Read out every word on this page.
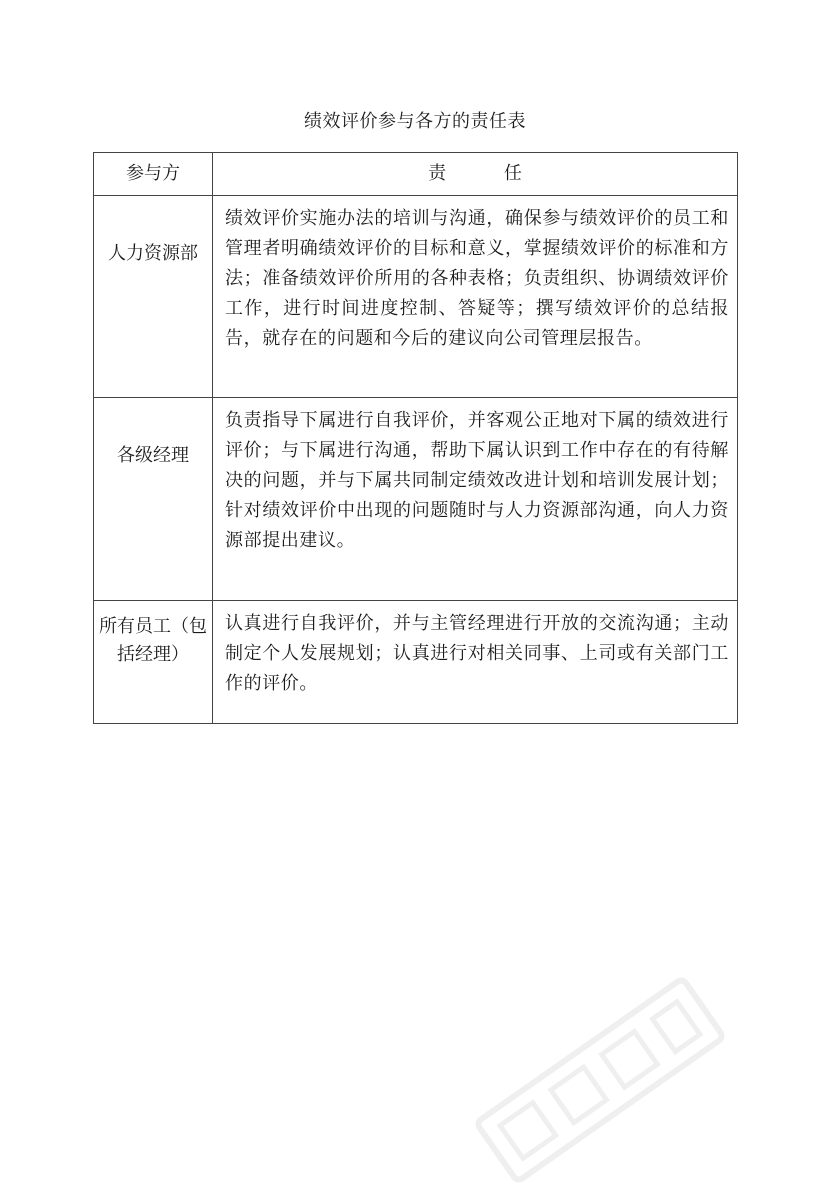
绩效评价参与各方的责任表
参与方	责 任
人力资源部	绩效评价实施办法的培训与沟通，确保参与绩效评价的员工和管理者明确绩效评价的目标和意义，掌握绩效评价的标准和方法；准备绩效评价所用的各种表格；负责组织、协调绩效评价工作，进行时间进度控制、答疑等；撰写绩效评价的总结报告，就存在的问题和今后的建议向公司管理层报告。
各级经理	负责指导下属进行自我评价，并客观公正地对下属的绩效进行评价；与下属进行沟通，帮助下属认识到工作中存在的有待解决的问题，并与下属共同制定绩效改进计划和培训发展计划；针对绩效评价中出现的问题随时与人力资源部沟通，向人力资源部提出建议。
所有员工（包括经理）	认真进行自我评价，并与主管经理进行开放的交流沟通；主动制定个人发展规划；认真进行对相关同事、上司或有关部门工作的评价。
